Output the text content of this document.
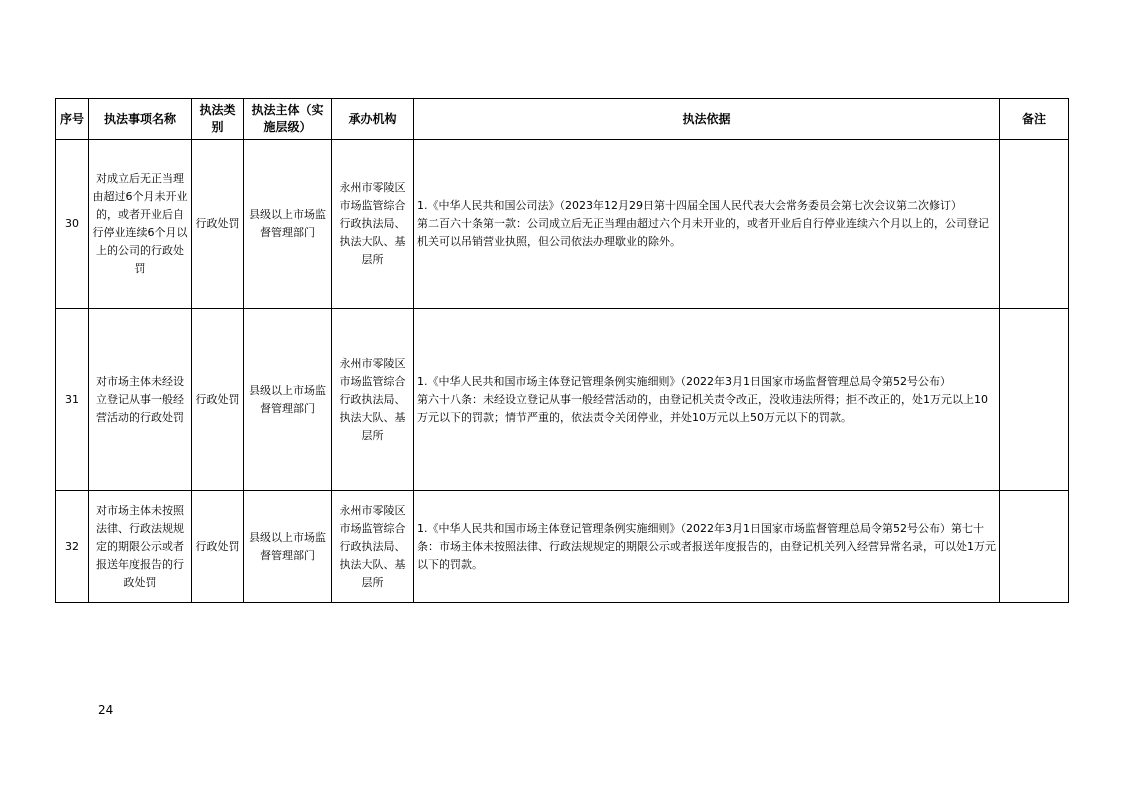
序号	执法事项名称	执法类别	执法主体（实施层级）	承办机构	执法依据	备注
30	对成立后无正当理由超过6个月未开业的，或者开业后自行停业连续6个月以上的公司的行政处罚	行政处罚	县级以上市场监督管理部门	永州市零陵区市场监管综合行政执法局、执法大队、基层所	1.《中华人民共和国公司法》（2023年12月29日第十四届全国人民代表大会常务委员会第七次会议第二次修订）
第二百六十条第一款：公司成立后无正当理由超过六个月未开业的，或者开业后自行停业连续六个月以上的，公司登记机关可以吊销营业执照，但公司依法办理歇业的除外。	

31	对市场主体未经设立登记从事一般经营活动的行政处罚	行政处罚	县级以上市场监督管理部门	永州市零陵区市场监管综合行政执法局、执法大队、基层所	1.《中华人民共和国市场主体登记管理条例实施细则》（2022年3月1日国家市场监督管理总局令第52号公布）
第六十八条：未经设立登记从事一般经营活动的，由登记机关责令改正，没收违法所得；拒不改正的，处1万元以上10万元以下的罚款；情节严重的，依法责令关闭停业，并处10万元以上50万元以下的罚款。	

32	对市场主体未按照法律、行政法规规定的期限公示或者报送年度报告的行政处罚	行政处罚	县级以上市场监督管理部门	永州市零陵区市场监管综合行政执法局、执法大队、基层所	1.《中华人民共和国市场主体登记管理条例实施细则》（2022年3月1日国家市场监督管理总局令第52号公布）第七十条：市场主体未按照法律、行政法规规定的期限公示或者报送年度报告的，由登记机关列入经营异常名录，可以处1万元以下的罚款。	

24
